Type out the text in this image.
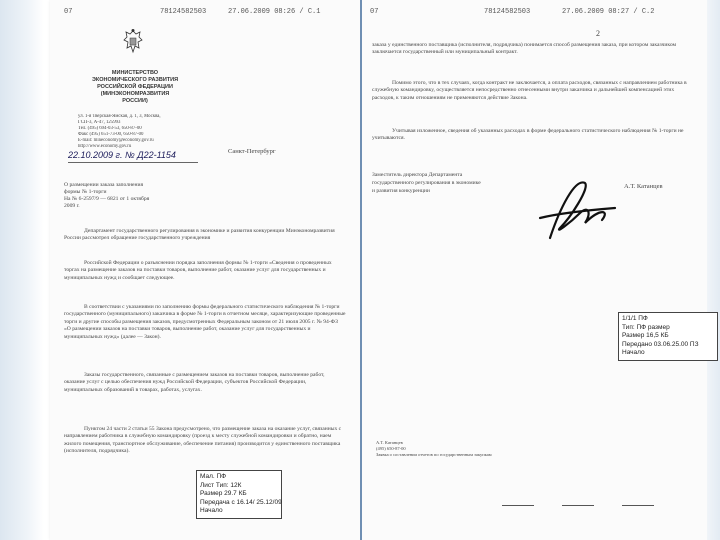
07	78124582503	27.06.2009 08:26 / С.1
МИНИСТЕРСТВО
ЭКОНОМИЧЕСКОГО РАЗВИТИЯ
РОССИЙСКОЙ ФЕДЕРАЦИИ
(МИНЭКОНОМРАЗВИТИЯ РОССИИ)
ул. 1-я Тверская-Ямская, д. 1, 3, Москва,
ГСП-3, А-47, 125993
Тел. (495) 694-03-53, 650-87-00
Факс (495) 651-73-00, 650-87-00
E-mail: mineconomy@economy.gov.ru
http://www.economy.gov.ru
22.10.2009 г. № Д22-1154	Санкт-Петербург
О размещении заказа заполнения
формы № 1-торги
На № 6-2597/9 — 6821 от 1 октября
2009 г.
Департамент государственного регулирования в экономике и развития конкуренции Минэкономразвития России рассмотрел обращение государственного учреждения
Российской Федерации о разъяснении порядка заполнения формы № 1-торги «Сведения о проведенных торгах на размещение заказов на поставки товаров, выполнение работ, оказание услуг для государственных и муниципальных нужд и сообщает следующее.
В соответствии с указаниями по заполнению формы федерального статистического наблюдения № 1-торги государственного (муниципального) заказчика в форме № 1-торги в отчетном месяце, характеризующие проведенные торги и другие способы размещения заказов, предусмотренных Федеральным законом от 21 июля 2005 г. № 94-ФЗ «О размещении заказов на поставки товаров, выполнение работ, оказание услуг для государственных и муниципальных нужд» (далее — Закон).
Заказы государственного, связанные с размещением заказов на поставки товаров, выполнение работ, оказание услуг с целью обеспечения нужд Российской Федерации, субъектов Российской Федерации, муниципальных образований в товарах, работах, услугах.
Пунктом 24 части 2 статьи 55 Закона предусмотрено, что размещение заказа на оказание услуг, связанных с направлением работника в служебную командировку (проезд к месту служебной командировки и обратно, наем жилого помещения, транспортное обслуживание, обеспечение питания) производится у единственного поставщика (исполнителя, подрядчика).
Мал. ПФ
Лист Тип: 12К
Размер 29.7 КБ
Передача с 16.14/ 25.12/09
Начало
07	78124582503	27.06.2009 08:27 / С.2
2
заказа у единственного поставщика (исполнителя, подрядчика) понимается способ размещения заказа, при котором заказчиком заключается государственный или муниципальный контракт.
Помимо этого, что в тех случаях, когда контракт не заключается, а оплата расходов, связанных с направлением работника в служебную командировку, осуществляется непосредственно отнесенными внутри заказчика и дальнейшей компенсацией этих расходов, к таким отношениям не применяются действие Закона.
Учитывая изложенное, сведения об указанных расходах в форме федерального статистического наблюдения № 1-торги не учитываются.
Заместитель директора Департамента
государственного регулирования в экономике
и развития конкуренции
А.Т. Катанцев
1/1/1 ПФ
Тип: ПФ размер
Размер 16,5 КБ
Передано 03.06.25.00 ПЗ
Начало
А.Т. Катанцев
(495) 650-87-00
Заявка о составлении отчетов по государственным закупкам
